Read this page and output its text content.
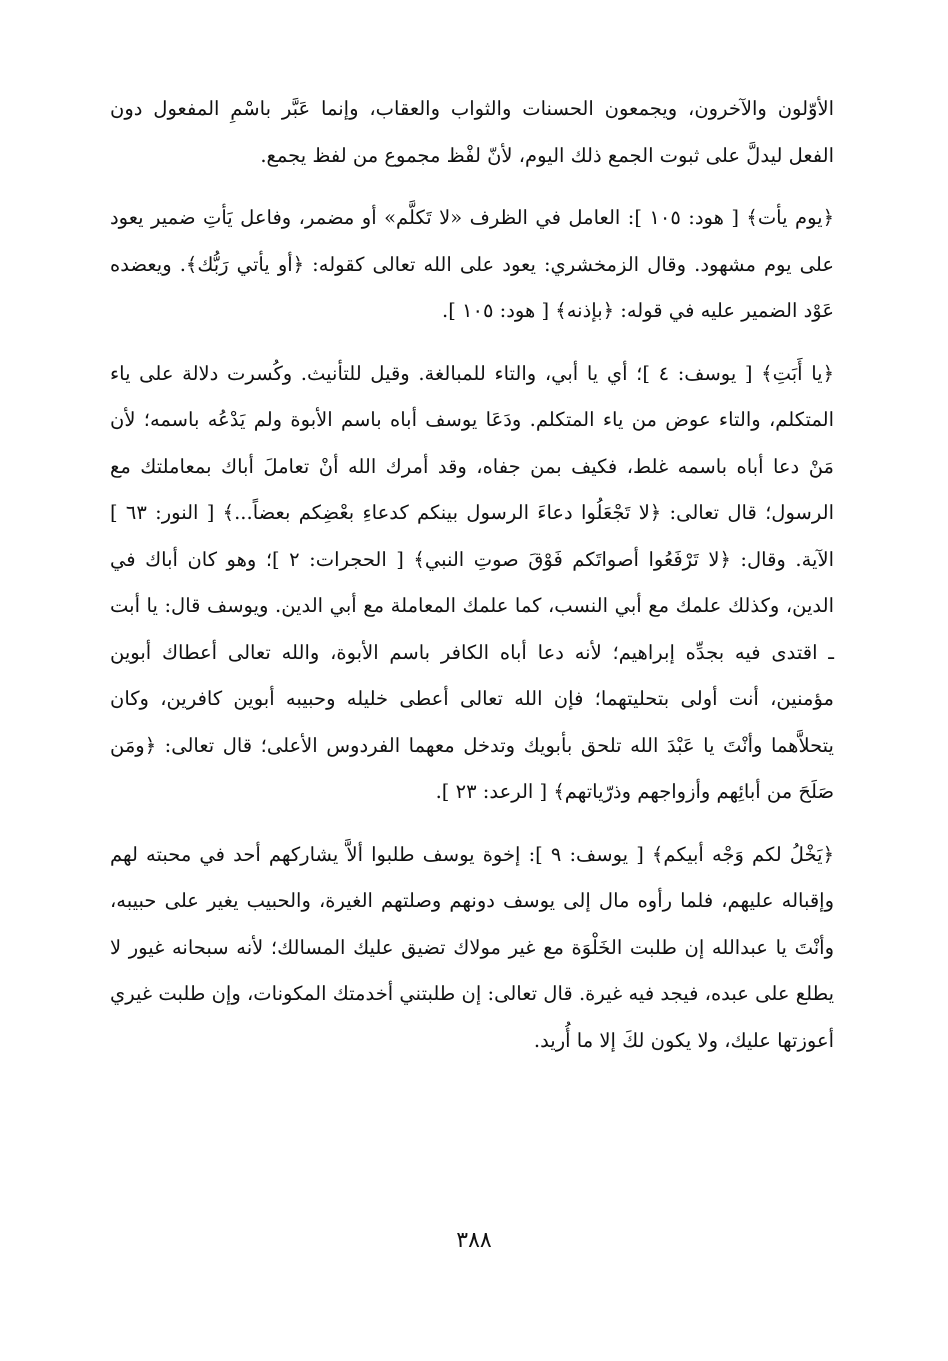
الأوّلون والآخرون، ويجمعون الحسنات والثواب والعقاب، وإنما عَبَّر باسْمِ المفعول دون الفعل ليدلَّ على ثبوت الجمع ذلك اليوم، لأنّ لفْظ مجموع من لفظ يجمع.

﴿يوم يأت﴾ [ هود: ١٠٥ ]: العامل في الظرف «لا تَكلَّم» أو مضمر، وفاعل يَأتِ ضمير يعود على يوم مشهود. وقال الزمخشري: يعود على الله تعالى كقوله: ﴿أو يأتي رَبُّك﴾. ويعضده عَوْد الضمير عليه في قوله: ﴿بإذنه﴾ [ هود: ١٠٥ ].

﴿يا أَبَتِ﴾ [ يوسف: ٤ ]؛ أي يا أبي، والتاء للمبالغة. وقيل للتأنيث. وكُسرت دلالة على ياء المتكلم، والتاء عوض من ياء المتكلم. ودَعَا يوسف أباه باسم الأبوة ولم يَدْعُه باسمه؛ لأن مَنْ دعا أباه باسمه غلط، فكيف بمن جفاه، وقد أمرك الله أنْ تعاملَ أباك بمعاملتك مع الرسول؛ قال تعالى: ﴿لا تَجْعَلُوا دعاءَ الرسول بينكم كدعاءِ بعْضِكم بعضاً...﴾ [ النور: ٦٣ ] الآية. وقال: ﴿لا تَرْفَعُوا أصواتَكم فَوْقَ صوتِ النبي﴾ [ الحجرات: ٢ ]؛ وهو كان أباك في الدين، وكذلك علمك مع أبي النسب، كما علمك المعاملة مع أبي الدين. ويوسف قال: يا أبت ـ اقتدى فيه بجدِّه إبراهيم؛ لأنه دعا أباه الكافر باسم الأبوة، والله تعالى أعطاك أبوين مؤمنين، أنت أولى بتحليتهما؛ فإن الله تعالى أعطى خليله وحبيبه أبوين كافرين، وكان يتحلاَّهما وأنْتَ يا عَبْدَ الله تلحق بأبويك وتدخل معهما الفردوس الأعلى؛ قال تعالى: ﴿ومَن صَلَحَ من أبائِهم وأزواجهم وذرّياتهم﴾ [ الرعد: ٢٣ ].

﴿يَخْلُ لكم وَجْه أبيكم﴾ [ يوسف: ٩ ]: إخوة يوسف طلبوا ألاَّ يشاركهم أحد في محبته لهم وإقباله عليهم، فلما رأوه مال إلى يوسف دونهم وصلتهم الغيرة، والحبيب يغير على حبيبه، وأنْتَ يا عبدالله إن طلبت الخَلْوَة مع غير مولاك تضيق عليك المسالك؛ لأنه سبحانه غيور لا يطلع على عبده، فيجد فيه غيرة. قال تعالى: إن طلبتني أخدمتك المكونات، وإن طلبت غيري أعوزتها عليك، ولا يكون لكَ إلا ما أُريد.

٣٨٨
